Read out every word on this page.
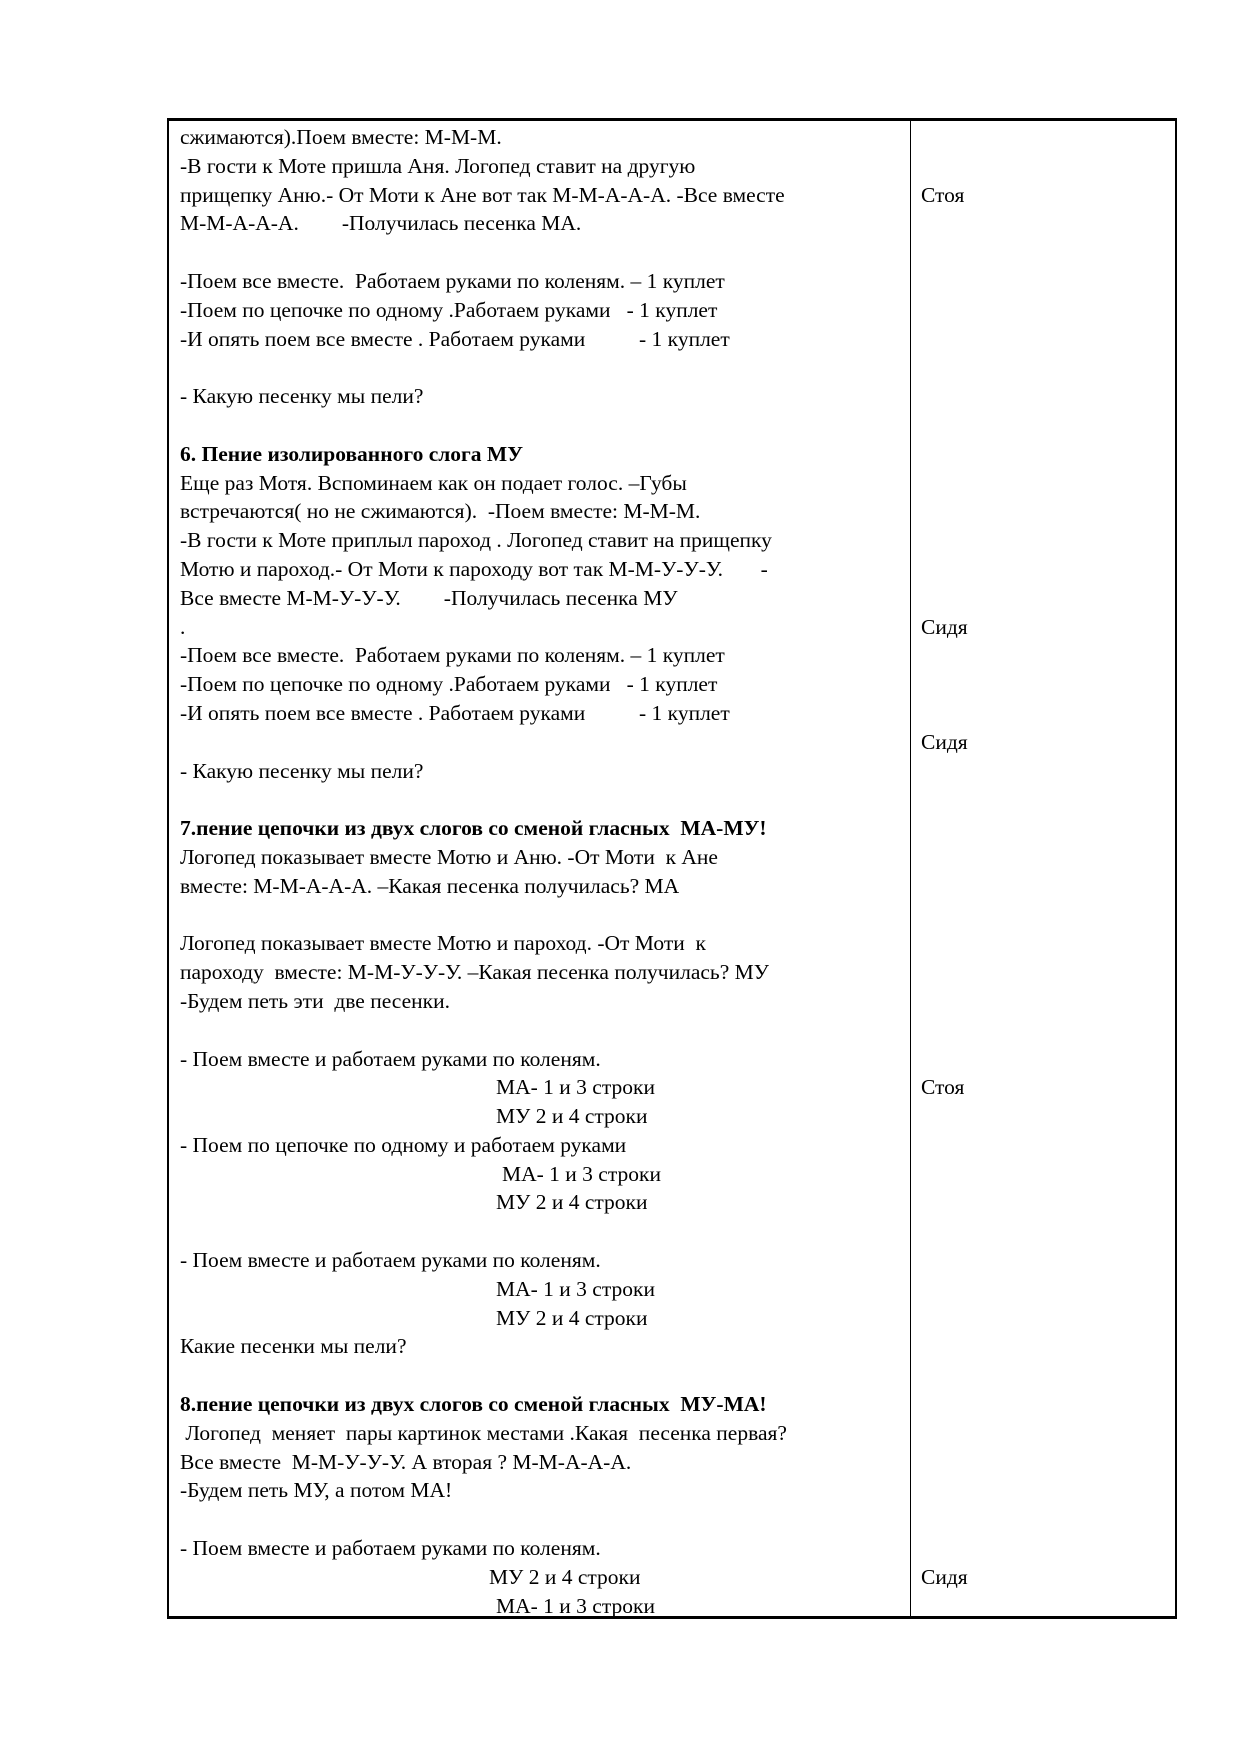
сжимаются).Поем вместе: М-М-М.
-В гости к Моте пришла Аня. Логопед ставит на другую
прищепку Аню.- От Моти к Ане вот так М-М-А-А-А. -Все вместе
М-М-А-А-А.        -Получилась песенка МА.
-Поем все вместе.  Работаем руками по коленям. – 1 куплет
-Поем по цепочке по одному .Работаем руками   - 1 куплет
-И опять поем все вместе . Работаем руками          - 1 куплет
- Какую песенку мы пели?
6. Пение изолированного слога МУ
Еще раз Мотя. Вспоминаем как он подает голос. –Губы
встречаются( но не сжимаются).  -Поем вместе: М-М-М.
-В гости к Моте приплыл пароход . Логопед ставит на прищепку
Мотю и пароход.- От Моти к пароходу вот так М-М-У-У-У.       -
Все вместе М-М-У-У-У.        -Получилась песенка МУ
.
-Поем все вместе.  Работаем руками по коленям. – 1 куплет
-Поем по цепочке по одному .Работаем руками   - 1 куплет
-И опять поем все вместе . Работаем руками          - 1 куплет
- Какую песенку мы пели?
7.пение цепочки из двух слогов со сменой гласных  МА-МУ!
Логопед показывает вместе Мотю и Аню. -От Моти  к Ане
вместе: М-М-А-А-А. –Какая песенка получилась? МА
Логопед показывает вместе Мотю и пароход. -От Моти  к
пароходу  вместе: М-М-У-У-У. –Какая песенка получилась? МУ
-Будем петь эти  две песенки.
- Поем вместе и работаем руками по коленям.
МА- 1 и 3 строки
МУ 2 и 4 строки
- Поем по цепочке по одному и работаем руками
МА- 1 и 3 строки
МУ 2 и 4 строки
- Поем вместе и работаем руками по коленям.
МА- 1 и 3 строки
МУ 2 и 4 строки
Какие песенки мы пели?
8.пение цепочки из двух слогов со сменой гласных  МУ-МА!
Логопед  меняет  пары картинок местами .Какая  песенка первая?
Все вместе  М-М-У-У-У. А вторая ? М-М-А-А-А.
-Будем петь МУ, а потом МА!
- Поем вместе и работаем руками по коленям.
МУ 2 и 4 строки
МА- 1 и 3 строки
Стоя
Сидя
Сидя
Стоя
Сидя
